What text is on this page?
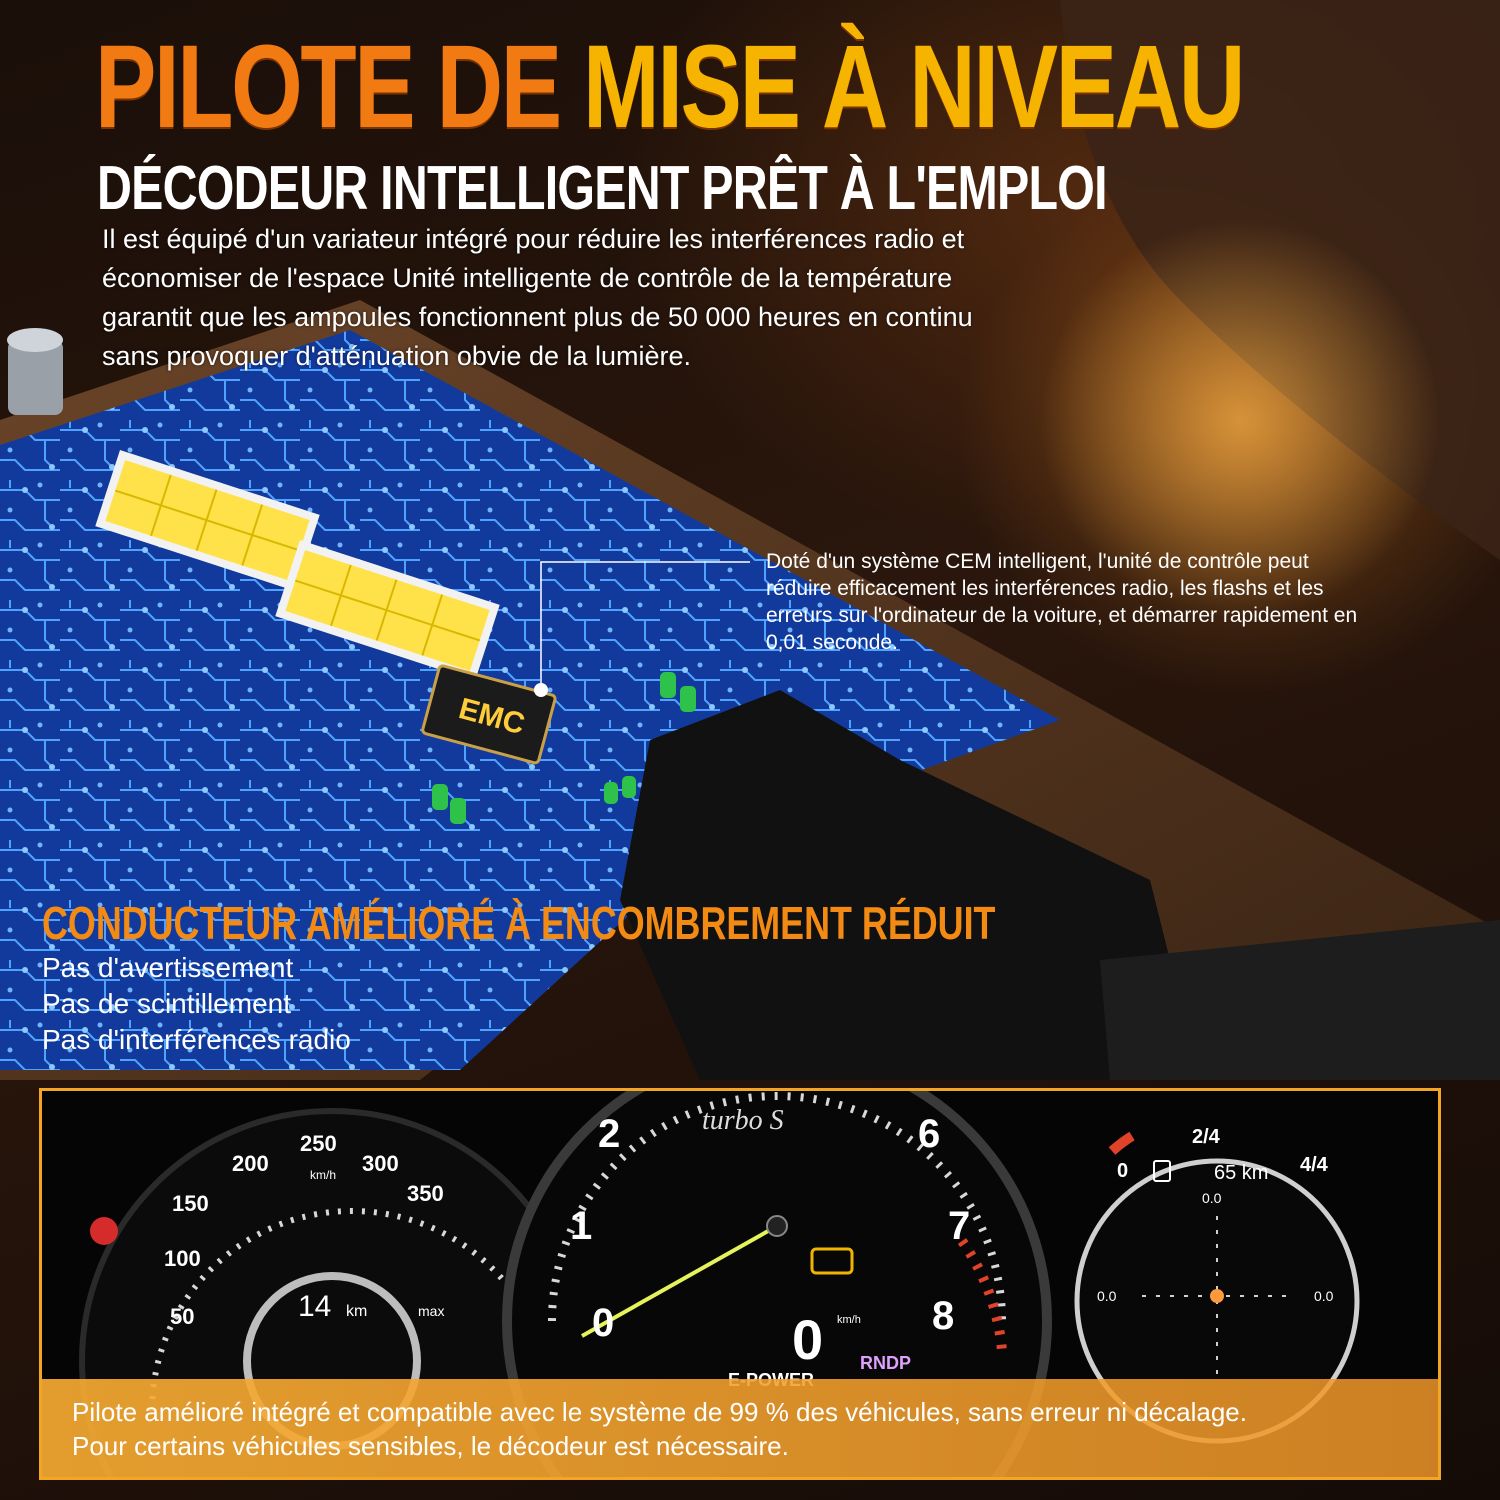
EMC
PILOTE DE MISE À NIVEAU
DÉCODEUR INTELLIGENT PRÊT À L'EMPLOI
Il est équipé d'un variateur intégré pour réduire les interférences radio et économiser de l'espace Unité intelligente de contrôle de la température garantit que les ampoules fonctionnent plus de 50 000 heures en continu sans provoquer d'atténuation obvie de la lumière.
Doté d'un système CEM intelligent, l'unité de contrôle peut réduire efficacement les interférences radio, les flashs et les erreurs sur l'ordinateur de la voiture, et démarrer rapidement en 0,01 seconde.
CONDUCTEUR AMÉLIORÉ À ENCOMBREMENT RÉDUIT
Pas d'avertissement
Pas de scintillement
Pas d'interférences radio
50
100
150
200
250
300
350
km/h
14 km	max	0
1
2	6
7
8
turbo S
0 km/h
RNDP
0
2/4
4/4
65 km
0.0
0.0	0.0

Pilote amélioré intégré et compatible avec le système de 99 % des véhicules, sans erreur ni décalage.

Pour certains véhicules sensibles, le décodeur est nécessaire.
